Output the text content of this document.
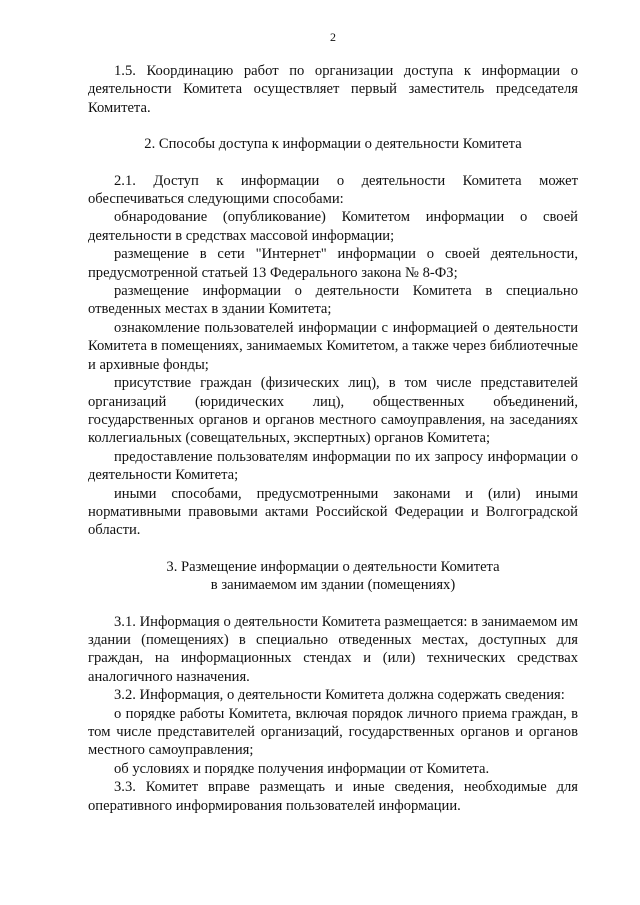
2

1.5. Координацию работ по организации доступа к информации о деятельности Комитета осуществляет первый заместитель председателя Комитета.

2. Способы доступа к информации о деятельности Комитета

2.1. Доступ к информации о деятельности Комитета может обеспечиваться следующими способами:

обнародование (опубликование) Комитетом информации о своей деятельности в средствах массовой информации;

размещение в сети "Интернет" информации о своей деятельности, предусмотренной статьей 13 Федерального закона № 8-ФЗ;

размещение информации о деятельности Комитета в специально отведенных местах в здании Комитета;

ознакомление пользователей информации с информацией о деятельности Комитета в помещениях, занимаемых Комитетом, а также через библиотечные и архивные фонды;

присутствие граждан (физических лиц), в том числе представителей организаций (юридических лиц), общественных объединений, государственных органов и органов местного самоуправления, на заседаниях коллегиальных (совещательных, экспертных) органов Комитета;

предоставление пользователям информации по их запросу информации о деятельности Комитета;

иными способами, предусмотренными законами и (или) иными нормативными правовыми актами Российской Федерации и Волгоградской области.

3. Размещение информации о деятельности Комитета
в занимаемом им здании (помещениях)

3.1. Информация о деятельности Комитета размещается: в занимаемом им здании (помещениях) в специально отведенных местах, доступных для граждан, на информационных стендах и (или) технических средствах аналогичного назначения.

3.2. Информация, о деятельности Комитета должна содержать сведения:

о порядке работы Комитета, включая порядок личного приема граждан, в том числе представителей организаций, государственных органов и органов местного самоуправления;

об условиях и порядке получения информации от Комитета.

3.3. Комитет вправе размещать и иные сведения, необходимые для оперативного информирования пользователей информации.
